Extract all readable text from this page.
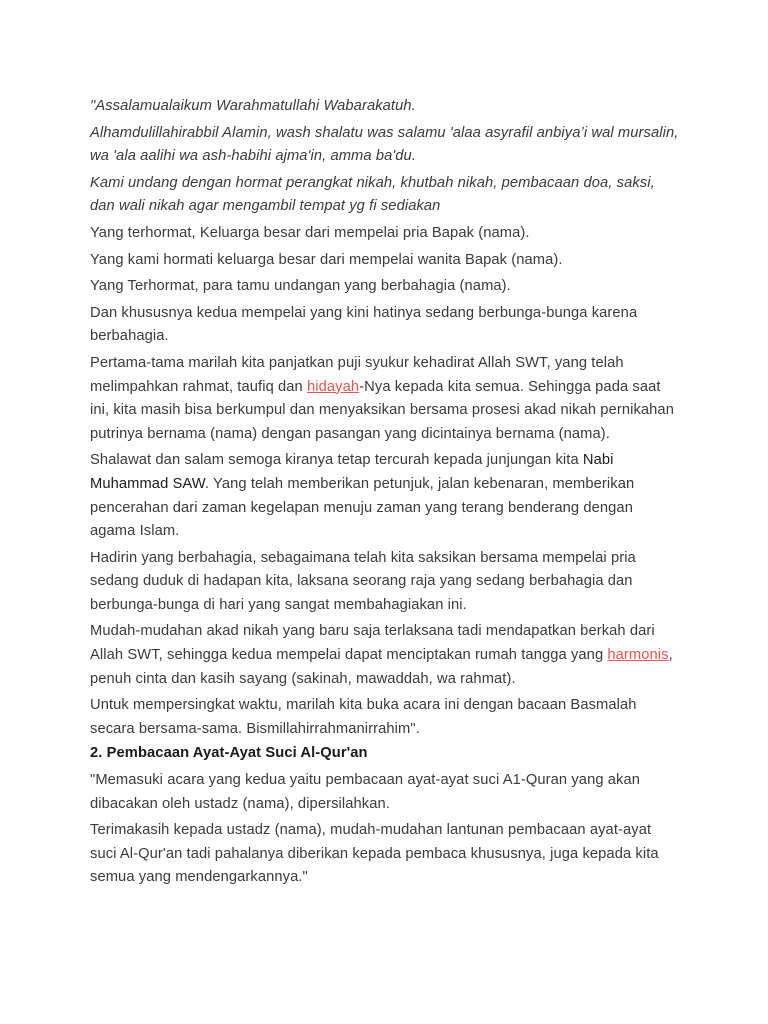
"Assalamualaikum Warahmatullahi Wabarakatuh.

Alhamdulillahirabbil Alamin, wash shalatu was salamu 'alaa asyrafil anbiya’i wal mursalin, wa 'ala aalihi wa ash-habihi ajma'in, amma ba'du.

Kami undang dengan hormat perangkat nikah, khutbah nikah, pembacaan doa, saksi, dan wali nikah agar mengambil tempat yg fi sediakan

Yang terhormat, Keluarga besar dari mempelai pria Bapak (nama).

Yang kami hormati keluarga besar dari mempelai wanita Bapak (nama).

Yang Terhormat, para tamu undangan yang berbahagia (nama).

Dan khususnya kedua mempelai yang kini hatinya sedang berbunga-bunga karena berbahagia.

Pertama-tama marilah kita panjatkan puji syukur kehadirat Allah SWT, yang telah melimpahkan rahmat, taufiq dan hidayah-Nya kepada kita semua. Sehingga pada saat ini, kita masih bisa berkumpul dan menyaksikan bersama prosesi akad nikah pernikahan putrinya bernama (nama) dengan pasangan yang dicintainya bernama (nama).

Shalawat dan salam semoga kiranya tetap tercurah kepada junjungan kita Nabi Muhammad SAW. Yang telah memberikan petunjuk, jalan kebenaran, memberikan pencerahan dari zaman kegelapan menuju zaman yang terang benderang dengan agama Islam.

Hadirin yang berbahagia, sebagaimana telah kita saksikan bersama mempelai pria sedang duduk di hadapan kita, laksana seorang raja yang sedang berbahagia dan berbunga-bunga di hari yang sangat membahagiakan ini.

Mudah-mudahan akad nikah yang baru saja terlaksana tadi mendapatkan berkah dari Allah SWT, sehingga kedua mempelai dapat menciptakan rumah tangga yang harmonis, penuh cinta dan kasih sayang (sakinah, mawaddah, wa rahmat).

Untuk mempersingkat waktu, marilah kita buka acara ini dengan bacaan Basmalah secara bersama-sama. Bismillahirrahmanirrahim".

2. Pembacaan Ayat-Ayat Suci Al-Qur'an

"Memasuki acara yang kedua yaitu pembacaan ayat-ayat suci A1-Quran yang akan dibacakan oleh ustadz (nama), dipersilahkan.

Terimakasih kepada ustadz (nama), mudah-mudahan lantunan pembacaan ayat-ayat suci Al-Qur'an tadi pahalanya diberikan kepada pembaca khususnya, juga kepada kita semua yang mendengarkannya."
